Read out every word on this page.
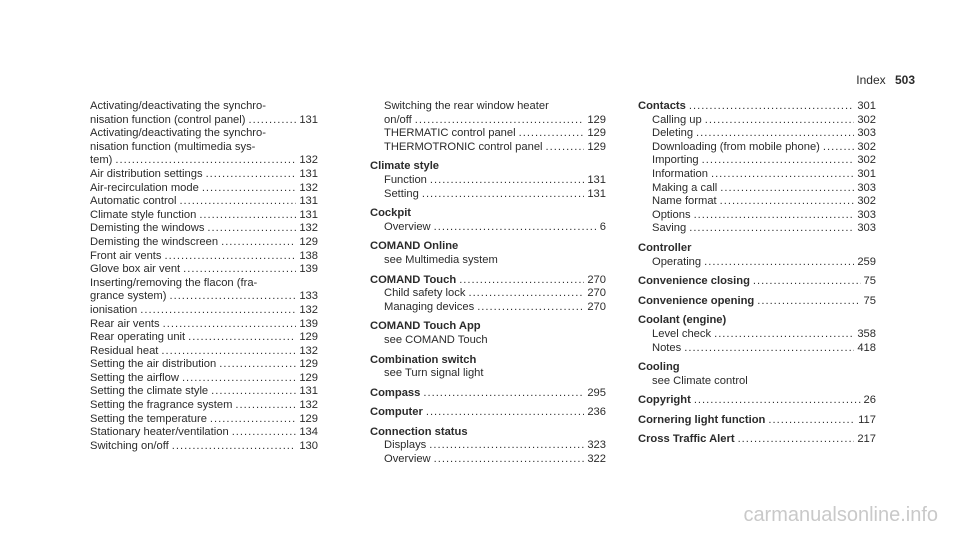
Index 503
Activating/deactivating the synchro-
nisation function (control panel) .....	131
Activating/deactivating the synchro-
nisation function (multimedia sys-
tem) .....	132
Air distribution settings .....	131
Air-recirculation mode .....	132
Automatic control .....	131
Climate style function .....	131
Demisting the windows .....	132
Demisting the windscreen .....	129
Front air vents .....	138
Glove box air vent .....	139
Inserting/removing the flacon (fra-
grance system) .....	133
ionisation .....	132
Rear air vents .....	139
Rear operating unit .....	129
Residual heat .....	132
Setting the air distribution .....	129
Setting the airflow .....	129
Setting the climate style .....	131
Setting the fragrance system .....	132
Setting the temperature .....	129
Stationary heater/ventilation .....	134
Switching on/off .....	130
Switching the rear window heater
on/off .....	129
THERMATIC control panel .....	129
THERMOTRONIC control panel .....	129
Climate style
Function .....	131
Setting .....	131
Cockpit
Overview .....	6
COMAND Online
see Multimedia system
COMAND Touch .....	270
Child safety lock .....	270
Managing devices .....	270
COMAND Touch App
see COMAND Touch
Combination switch
see Turn signal light
Compass .....	295
Computer .....	236
Connection status
Displays .....	323
Overview .....	322
Contacts .....	301
Calling up .....	302
Deleting .....	303
Downloading (from mobile phone) .....	302
Importing .....	302
Information .....	301
Making a call .....	303
Name format .....	302
Options .....	303
Saving .....	303
Controller
Operating .....	259
Convenience closing .....	75
Convenience opening .....	75
Coolant (engine)
Level check .....	358
Notes .....	418
Cooling
see Climate control
Copyright .....	26
Cornering light function .....	117
Cross Traffic Alert .....	217
carmanualsonline.info
